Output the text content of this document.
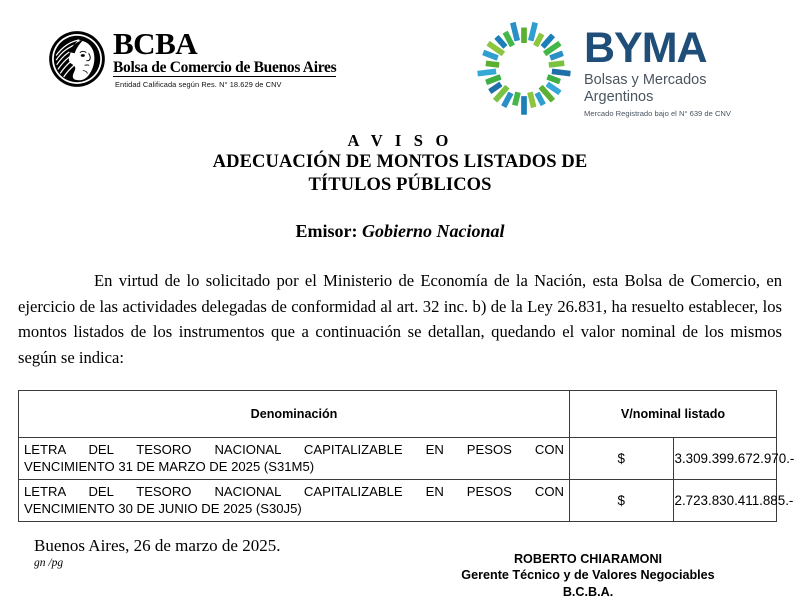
BCBA
Bolsa de Comercio de Buenos Aires
Entidad Calificada según Res. N° 18.629 de CNV
BYMA
Bolsas y Mercados
Argentinos
Mercado Registrado bajo el N° 639 de CNV
A V I S O
ADECUACIÓN DE MONTOS LISTADOS DE
TÍTULOS PÚBLICOS
Emisor: Gobierno Nacional

En virtud de lo solicitado por el Ministerio de Economía de la Nación, esta Bolsa de Comercio, en ejercicio de las actividades delegadas de conformidad al art. 32 inc. b) de la Ley 26.831, ha resuelto establecer, los montos listados de los instrumentos que a continuación se detallan, quedando el valor nominal de los mismos según se indica:

Denominación	V/nominal listado	

LETRA DEL TESORO NACIONAL CAPITALIZABLE EN PESOS CON
VENCIMIENTO 31 DE MARZO DE 2025 (S31M5)	$	3.309.399.672.970.-

LETRA DEL TESORO NACIONAL CAPITALIZABLE EN PESOS CON
VENCIMIENTO 30 DE JUNIO DE 2025 (S30J5)	$	2.723.830.411.885.-
Buenos Aires, 26 de marzo de 2025.
gn /pg	ROBERTO CHIARAMONI
Gerente Técnico y de Valores Negociables
B.C.B.A.
